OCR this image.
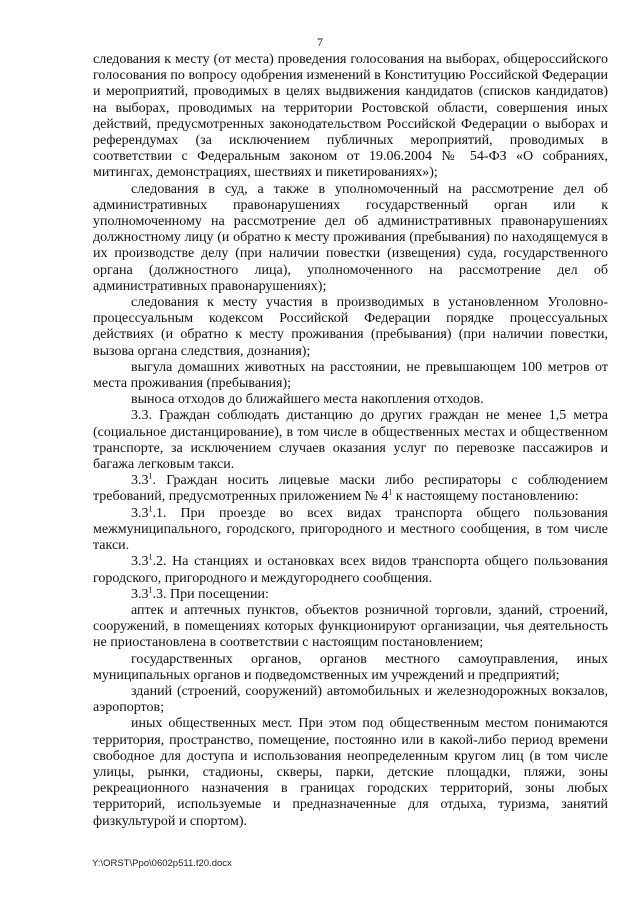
7

следования к месту (от места) проведения голосования на выборах, общероссийского голосования по вопросу одобрения изменений в Конституцию Российской Федерации и мероприятий, проводимых в целях выдвижения кандидатов (списков кандидатов) на выборах, проводимых на территории Ростовской области, совершения иных действий, предусмотренных законодательством Российской Федерации о выборах и референдумах (за исключением публичных мероприятий, проводимых в соответствии с Федеральным законом от 19.06.2004 № 54-ФЗ «О собраниях, митингах, демонстрациях, шествиях и пикетированиях»);

следования в суд, а также в уполномоченный на рассмотрение дел об административных правонарушениях государственный орган или к уполномоченному на рассмотрение дел об административных правонарушениях должностному лицу (и обратно к месту проживания (пребывания) по находящемуся в их производстве делу (при наличии повестки (извещения) суда, государственного органа (должностного лица), уполномоченного на рассмотрение дел об административных правонарушениях);

следования к месту участия в производимых в установленном Уголовно-процессуальным кодексом Российской Федерации порядке процессуальных действиях (и обратно к месту проживания (пребывания) (при наличии повестки, вызова органа следствия, дознания);

выгула домашних животных на расстоянии, не превышающем 100 метров от места проживания (пребывания);

выноса отходов до ближайшего места накопления отходов.

3.3. Граждан соблюдать дистанцию до других граждан не менее 1,5 метра (социальное дистанцирование), в том числе в общественных местах и общественном транспорте, за исключением случаев оказания услуг по перевозке пассажиров и багажа легковым такси.

$3.3^1$. Граждан носить лицевые маски либо респираторы с соблюдением требований, предусмотренных приложением № $4^1$ к настоящему постановлению:

$3.3^1.1$. При проезде во всех видах транспорта общего пользования межмуниципального, городского, пригородного и местного сообщения, в том числе такси.

$3.3^1.2$. На станциях и остановках всех видов транспорта общего пользования городского, пригородного и междугороднего сообщения.

$3.3^1.3$. При посещении:

аптек и аптечных пунктов, объектов розничной торговли, зданий, строений, сооружений, в помещениях которых функционируют организации, чья деятельность не приостановлена в соответствии с настоящим постановлением;

государственных органов, органов местного самоуправления, иных муниципальных органов и подведомственных им учреждений и предприятий;

зданий (строений, сооружений) автомобильных и железнодорожных вокзалов, аэропортов;

иных общественных мест. При этом под общественным местом понимаются территория, пространство, помещение, постоянно или в какой-либо период времени свободное для доступа и использования неопределенным кругом лиц (в том числе улицы, рынки, стадионы, скверы, парки, детские площадки, пляжи, зоны рекреационного назначения в границах городских территорий, зоны любых территорий, используемые и предназначенные для отдыха, туризма, занятий физкультурой и спортом).

Y:\ORST\Ppo\0602p511.f20.docx
